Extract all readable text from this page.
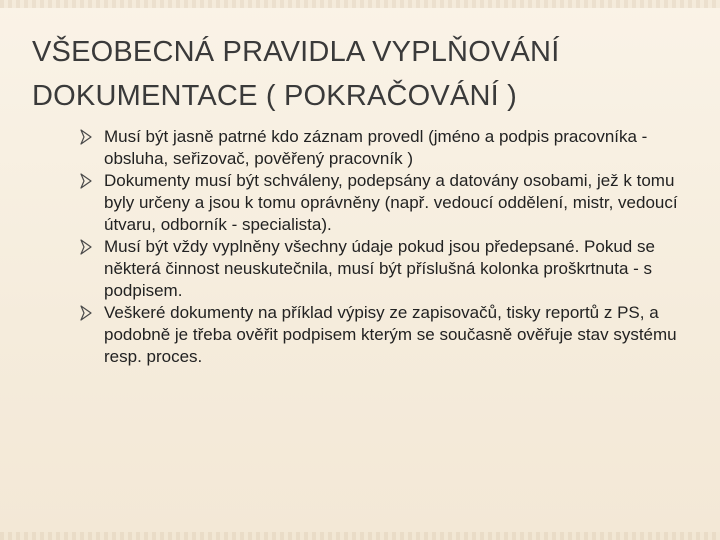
VŠEOBECNÁ PRAVIDLA VYPLŇOVÁNÍ
DOKUMENTACE ( POKRAČOVÁNÍ )
Musí být jasně patrné kdo záznam provedl (jméno a podpis pracovníka - obsluha, seřizovač, pověřený pracovník )
Dokumenty musí být schváleny, podepsány a datovány osobami, jež k tomu byly určeny a jsou k tomu oprávněny (např. vedoucí oddělení, mistr, vedoucí útvaru, odborník - specialista).
Musí být vždy vyplněny všechny údaje pokud jsou předepsané. Pokud se některá činnost neuskutečnila, musí být příslušná kolonka proškrtnuta - s podpisem.
Veškeré dokumenty na příklad výpisy ze zapisovačů, tisky reportů z PS, a podobně je třeba ověřit podpisem kterým se současně ověřuje stav systému resp. proces.
